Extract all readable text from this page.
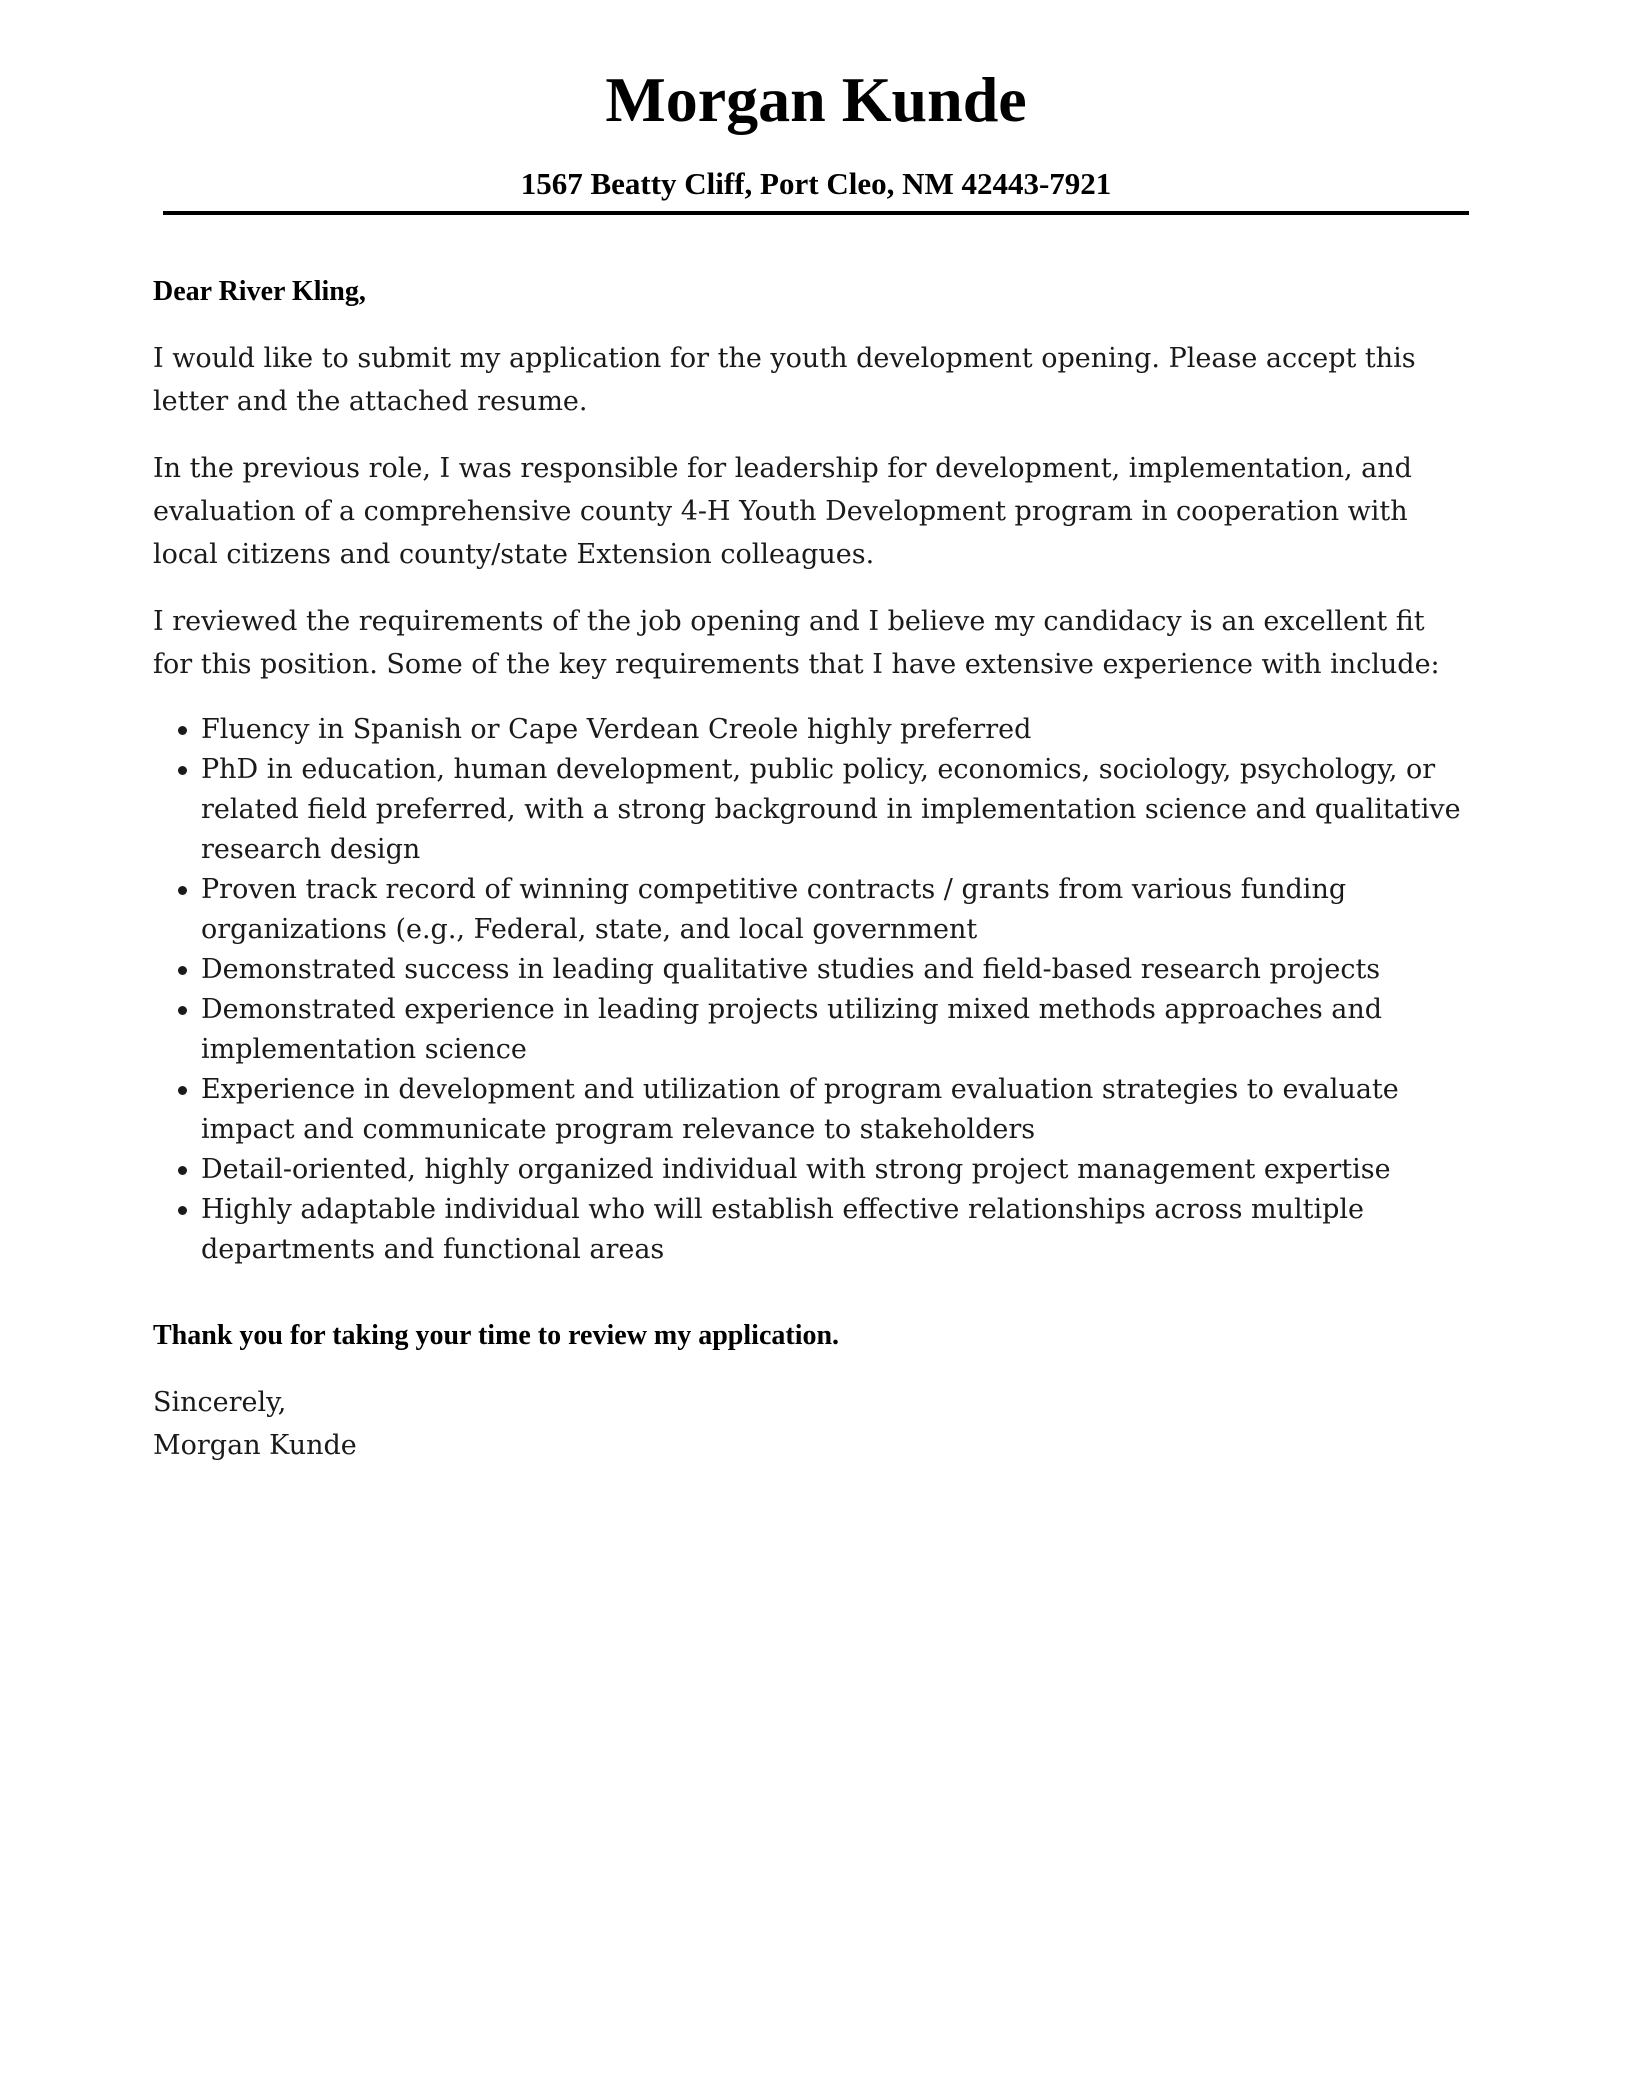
Morgan Kunde
1567 Beatty Cliff, Port Cleo, NM 42443-7921

Dear River Kling,

I would like to submit my application for the youth development opening. Please accept this letter and the attached resume.

In the previous role, I was responsible for leadership for development, implementation, and evaluation of a comprehensive county 4-H Youth Development program in cooperation with local citizens and county/state Extension colleagues.

I reviewed the requirements of the job opening and I believe my candidacy is an excellent fit for this position. Some of the key requirements that I have extensive experience with include:

Fluency in Spanish or Cape Verdean Creole highly preferred
PhD in education, human development, public policy, economics, sociology, psychology, or related field preferred, with a strong background in implementation science and qualitative research design
Proven track record of winning competitive contracts / grants from various funding organizations (e.g., Federal, state, and local government
Demonstrated success in leading qualitative studies and field-based research projects
Demonstrated experience in leading projects utilizing mixed methods approaches and implementation science
Experience in development and utilization of program evaluation strategies to evaluate impact and communicate program relevance to stakeholders
Detail-oriented, highly organized individual with strong project management expertise
Highly adaptable individual who will establish effective relationships across multiple departments and functional areas

Thank you for taking your time to review my application.

Sincerely,

Morgan Kunde
